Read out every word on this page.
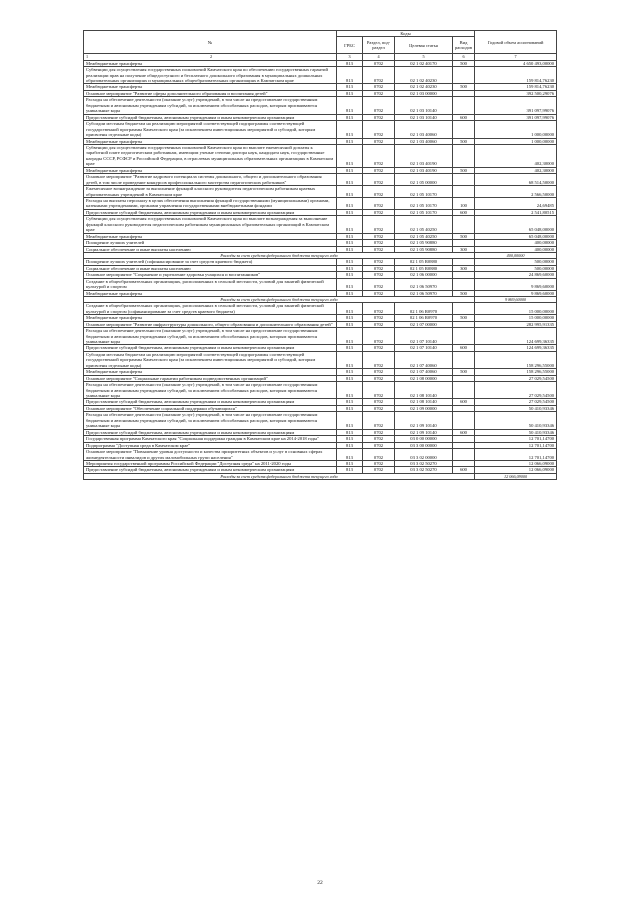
№	Коды				Годовой объем ассигнований
	ГРБС	Раздел, под-раздел	Целевая статья	Вид расходов	

1 2	3	4	5	6	7
Межбюджетные трансферты	813	0702	02 1 02 40170	500	4 650 493,00000
Субвенции для осуществления государственных полномочий Камчатского края по обеспечению государственных гарантий реализации прав на получение общедоступного и бесплатного дошкольного образования в муниципальных дошкольных образовательных организациях и муниципальных общеобразовательных организациях в Камчатском крае	813	0702	02 1 02 40230		159 814,76230
Межбюджетные трансферты	813	0702	02 1 02 40230	500	159 814,76230
Основное мероприятие "Развитие сферы дополнительного образования и воспитания детей"	813	0702	02 1 03 00000		392 500,29076
Расходы на обеспечение деятельности (оказание услуг) учреждений, в том числе на предоставление государственным бюджетным и автономным учреждениям субсидий, за исключением обособленных расходов, которым присваиваются уникальные коды	813	0702	02 1 03 10140		391 097,99076
Предоставление субсидий бюджетным, автономным учреждениям и иным некоммерческим организациям	813	0702	02 1 03 10140	600	391 097,99076
Субсидии местным бюджетам на реализацию мероприятий соответствующей подпрограммы соответствующей государственной программы Камчатского края (за исключением инвестиционных мероприятий и субсидий, которым присвоены отдельные коды)	813	0702	02 1 03 40060		1 000,00000
Межбюджетные трансферты	813	0702	02 1 03 40060	500	1 000,00000
Субвенции для осуществления государственных полномочий Камчатского края по выплате ежемесячной доплаты к заработной плате педагогическим работникам, имеющим ученые степени доктора наук, кандидата наук, государственные награды СССР, РСФСР и Российской Федерации, в отраслевых муниципальных образовательных организациях в Камчатском крае	813	0702	02 1 03 40190		402,30000
Межбюджетные трансферты	813	0702	02 1 03 40190	500	402,30000
Основное мероприятие "Развитие кадрового потенциала системы дошкольного, общего и дополнительного образования детей, в том числе проведение конкурсов профессионального мастерства педагогических работников"	813	0702	02 1 05 00000		68 514,50000
Ежемесячное вознаграждение за выполнение функций классного руководителя педагогическим работникам краевых образовательных учреждений в Камчатском крае	813	0702	02 1 05 10170		2 566,50000
Расходы на выплаты персоналу в целях обеспечения выполнения функций государственными (муниципальными) органами, казенными учреждениями, органами управления государственными внебюджетными фондами	813	0702	02 1 05 10170	100	24,69485
Предоставление субсидий бюджетным, автономным учреждениям и иным некоммерческим организациям	813	0702	02 1 05 10170	600	2 541,80515
Субвенции для осуществления государственных полномочий Камчатского края по выплате вознаграждения за выполнение функций классного руководителя педагогическим работникам муниципальных образовательных организаций в Камчатском крае	813	0702	02 1 05 40250		65 048,00000
Межбюджетные трансферты	813	0702	02 1 05 40250	500	65 048,00000
Поощрение лучших учителей	813	0702	02 1 05 90880		400,00000
Социальное обеспечение и иные выплаты населению	813	0702	02 1 05 90880	300	400,00000
Расходы за счет средств федерального бюджета текущего года					400,00000
Поощрение лучших учителей (софинансирование за счет средств краевого бюджета)	813	0702	02 1 05 R0880		500,00000
Социальное обеспечение и иные выплаты населению	813	0702	02 1 05 R0880	300	500,00000
Основное мероприятие "Сохранение и укрепление здоровья учащихся и воспитанников"	813	0702	02 1 06 00000		24 869,60000
Создание в общеобразовательных организациях, расположенных в сельской местности, условий для занятий физической культурой и спортом	813	0702	02 1 06 50970		9 869,60000
Межбюджетные трансферты	813	0702	02 1 06 50970	500	9 869,60000
Расходы за счет средств федерального бюджета текущего года					9 869,60000
Создание в общеобразовательных организациях, расположенных в сельской местности, условий для занятий физической культурой и спортом (софинансирование за счет средств краевого бюджета)	813	0702	02 1 06 R0970		15 000,00000
Межбюджетные трансферты	813	0702	02 1 06 R0970	500	15 000,00000
Основное мероприятие "Развитие инфраструктуры дошкольного, общего образования и дополнительного образования детей"	813	0702	02 1 07 00000		282 995,91335
Расходы на обеспечение деятельности (оказание услуг) учреждений, в том числе на предоставление государственным бюджетным и автономным учреждениям субсидий, за исключением обособленных расходов, которым присваиваются уникальные коды	813	0702	02 1 07 10140		124 699,36335
Предоставление субсидий бюджетным, автономным учреждениям и иным некоммерческим организациям	813	0702	02 1 07 10140	600	124 699,36335
Субсидии местным бюджетам на реализацию мероприятий соответствующей подпрограммы соответствующей государственной программы Камчатского края (за исключением инвестиционных мероприятий и субсидий, которым присвоены отдельные коды)	813	0702	02 1 07 40060		158 296,55000
Межбюджетные трансферты	813	0702	02 1 07 40060	500	158 296,55000
Основное мероприятие "Социальные гарантии работникам подведомственных организаций"	813	0702	02 1 08 00000		27 029,54500
Расходы на обеспечение деятельности (оказание услуг) учреждений, в том числе на предоставление государственным бюджетным и автономным учреждениям субсидий, за исключением обособленных расходов, которым присваиваются уникальные коды	813	0702	02 1 08 10140		27 029,54500
Предоставление субсидий бюджетным, автономным учреждениям и иным некоммерческим организациям	813	0702	02 1 08 10140	600	27 029,54500
Основное мероприятие "Обеспечение социальной поддержки обучающихся"	813	0702	02 1 09 00000		50 410,93346
Расходы на обеспечение деятельности (оказание услуг) учреждений, в том числе на предоставление государственным бюджетным и автономным учреждениям субсидий, за исключением обособленных расходов, которым присваиваются уникальные коды	813	0702	02 1 09 10140		50 410,93346
Предоставление субсидий бюджетным, автономным учреждениям и иным некоммерческим организациям	813	0702	02 1 09 10140	600	50 410,93346
Государственная программа Камчатского края "Социальная поддержка граждан в Камчатском крае на 2014-2018 годы"	813	0702	03 0 00 00000		12 701,14700
Подпрограмма "Доступная среда в Камчатском крае"	813	0702	03 3 00 00000		12 701,14700
Основное мероприятие "Повышение уровня доступности и качества приоритетных объектов и услуг в основных сферах жизнедеятельности инвалидов и других маломобильных групп населения"	813	0702	03 3 02 00000		12 701,14700
Мероприятия государственной программы Российской Федерации "Доступная среда" на 2011-2020 годы	813	0702	03 3 02 50270		12 066,09000
Предоставление субсидий бюджетным, автономным учреждениям и иным некоммерческим организациям	813	0702	03 3 02 50270	600	12 066,09000
Расходы за счет средств федерального бюджета текущего года					12 066,09000
22
